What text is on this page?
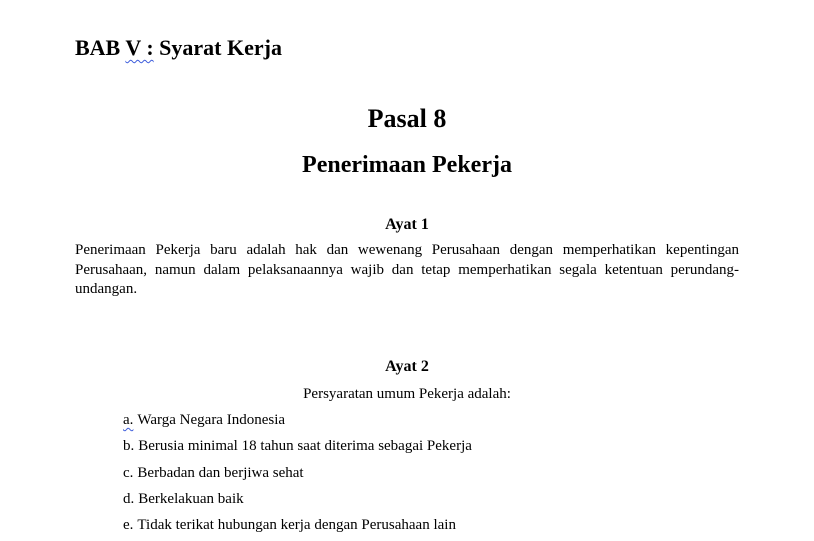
BAB V : Syarat Kerja
Pasal 8
Penerimaan Pekerja
Ayat 1
Penerimaan Pekerja baru adalah hak dan wewenang Perusahaan dengan memperhatikan kepentingan Perusahaan, namun dalam pelaksanaannya wajib dan tetap memperhatikan segala ketentuan perundang-undangan.
Ayat 2
Persyaratan umum Pekerja adalah:
a. Warga Negara Indonesia
b. Berusia minimal 18 tahun saat diterima sebagai Pekerja
c. Berbadan dan berjiwa sehat
d. Berkelakuan baik
e. Tidak terikat hubungan kerja dengan Perusahaan lain
